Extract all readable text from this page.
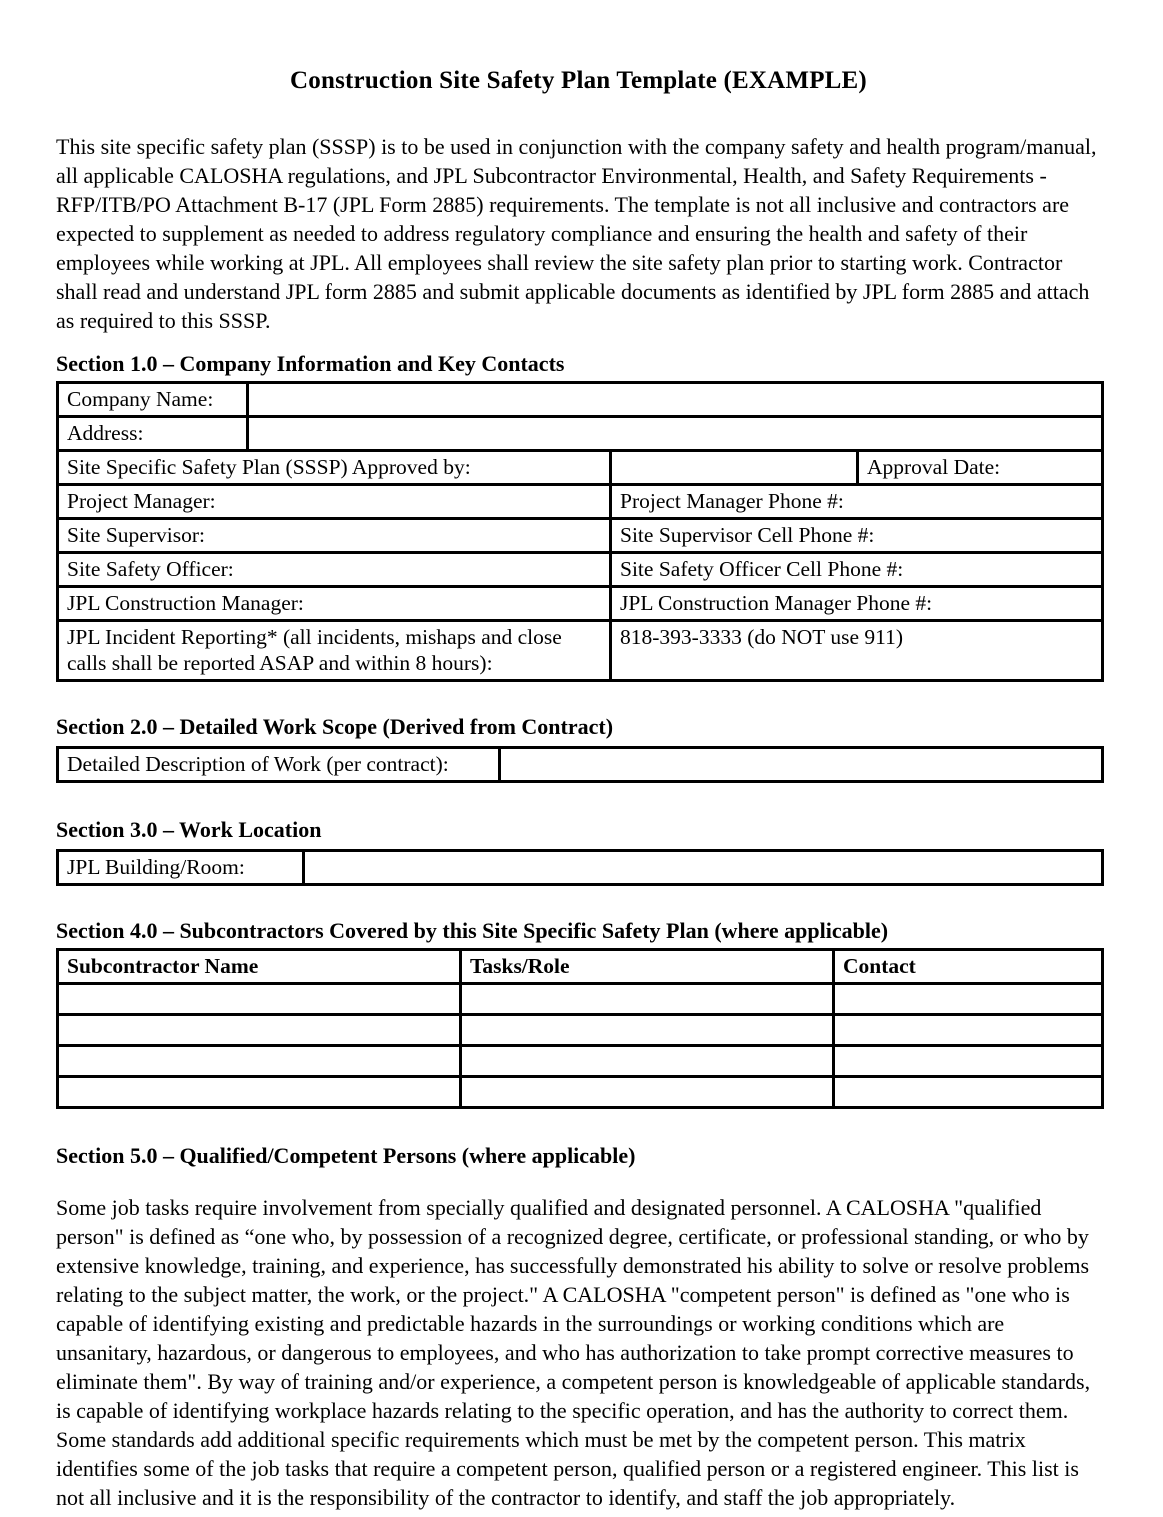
Construction Site Safety Plan Template (EXAMPLE)

This site specific safety plan (SSSP) is to be used in conjunction with the company safety and health program/manual, all applicable CALOSHA regulations, and JPL Subcontractor Environmental, Health, and Safety Requirements - RFP/ITB/PO Attachment B-17 (JPL Form 2885) requirements. The template is not all inclusive and contractors are expected to supplement as needed to address regulatory compliance and ensuring the health and safety of their employees while working at JPL. All employees shall review the site safety plan prior to starting work. Contractor shall read and understand JPL form 2885 and submit applicable documents as identified by JPL form 2885 and attach as required to this SSSP.

Section 1.0 – Company Information and Key Contacts
Company Name:			
Address:			
Site Specific Safety Plan (SSSP) Approved by:			Approval Date:
Project Manager:		Project Manager Phone #:	
Site Supervisor:		Site Supervisor Cell Phone #:	
Site Safety Officer:		Site Safety Officer Cell Phone #:	
JPL Construction Manager:		JPL Construction Manager Phone #:	
JPL Incident Reporting* (all incidents, mishaps and close calls shall be reported ASAP and within 8 hours):		818-393-3333 (do NOT use 911)	
Section 2.0 – Detailed Work Scope (Derived from Contract)
Detailed Description of Work (per contract):	
Section 3.0 – Work Location
JPL Building/Room:	
Section 4.0 – Subcontractors Covered by this Site Specific Safety Plan (where applicable)
Subcontractor Name	Tasks/Role	Contact

Section 5.0 – Qualified/Competent Persons (where applicable)

Some job tasks require involvement from specially qualified and designated personnel. A CALOSHA "qualified person" is defined as “one who, by possession of a recognized degree, certificate, or professional standing, or who by extensive knowledge, training, and experience, has successfully demonstrated his ability to solve or resolve problems relating to the subject matter, the work, or the project." A CALOSHA "competent person" is defined as "one who is capable of identifying existing and predictable hazards in the surroundings or working conditions which are unsanitary, hazardous, or dangerous to employees, and who has authorization to take prompt corrective measures to eliminate them". By way of training and/or experience, a competent person is knowledgeable of applicable standards, is capable of identifying workplace hazards relating to the specific operation, and has the authority to correct them. Some standards add additional specific requirements which must be met by the competent person. This matrix identifies some of the job tasks that require a competent person, qualified person or a registered engineer. This list is not all inclusive and it is the responsibility of the contractor to identify, and staff the job appropriately.
